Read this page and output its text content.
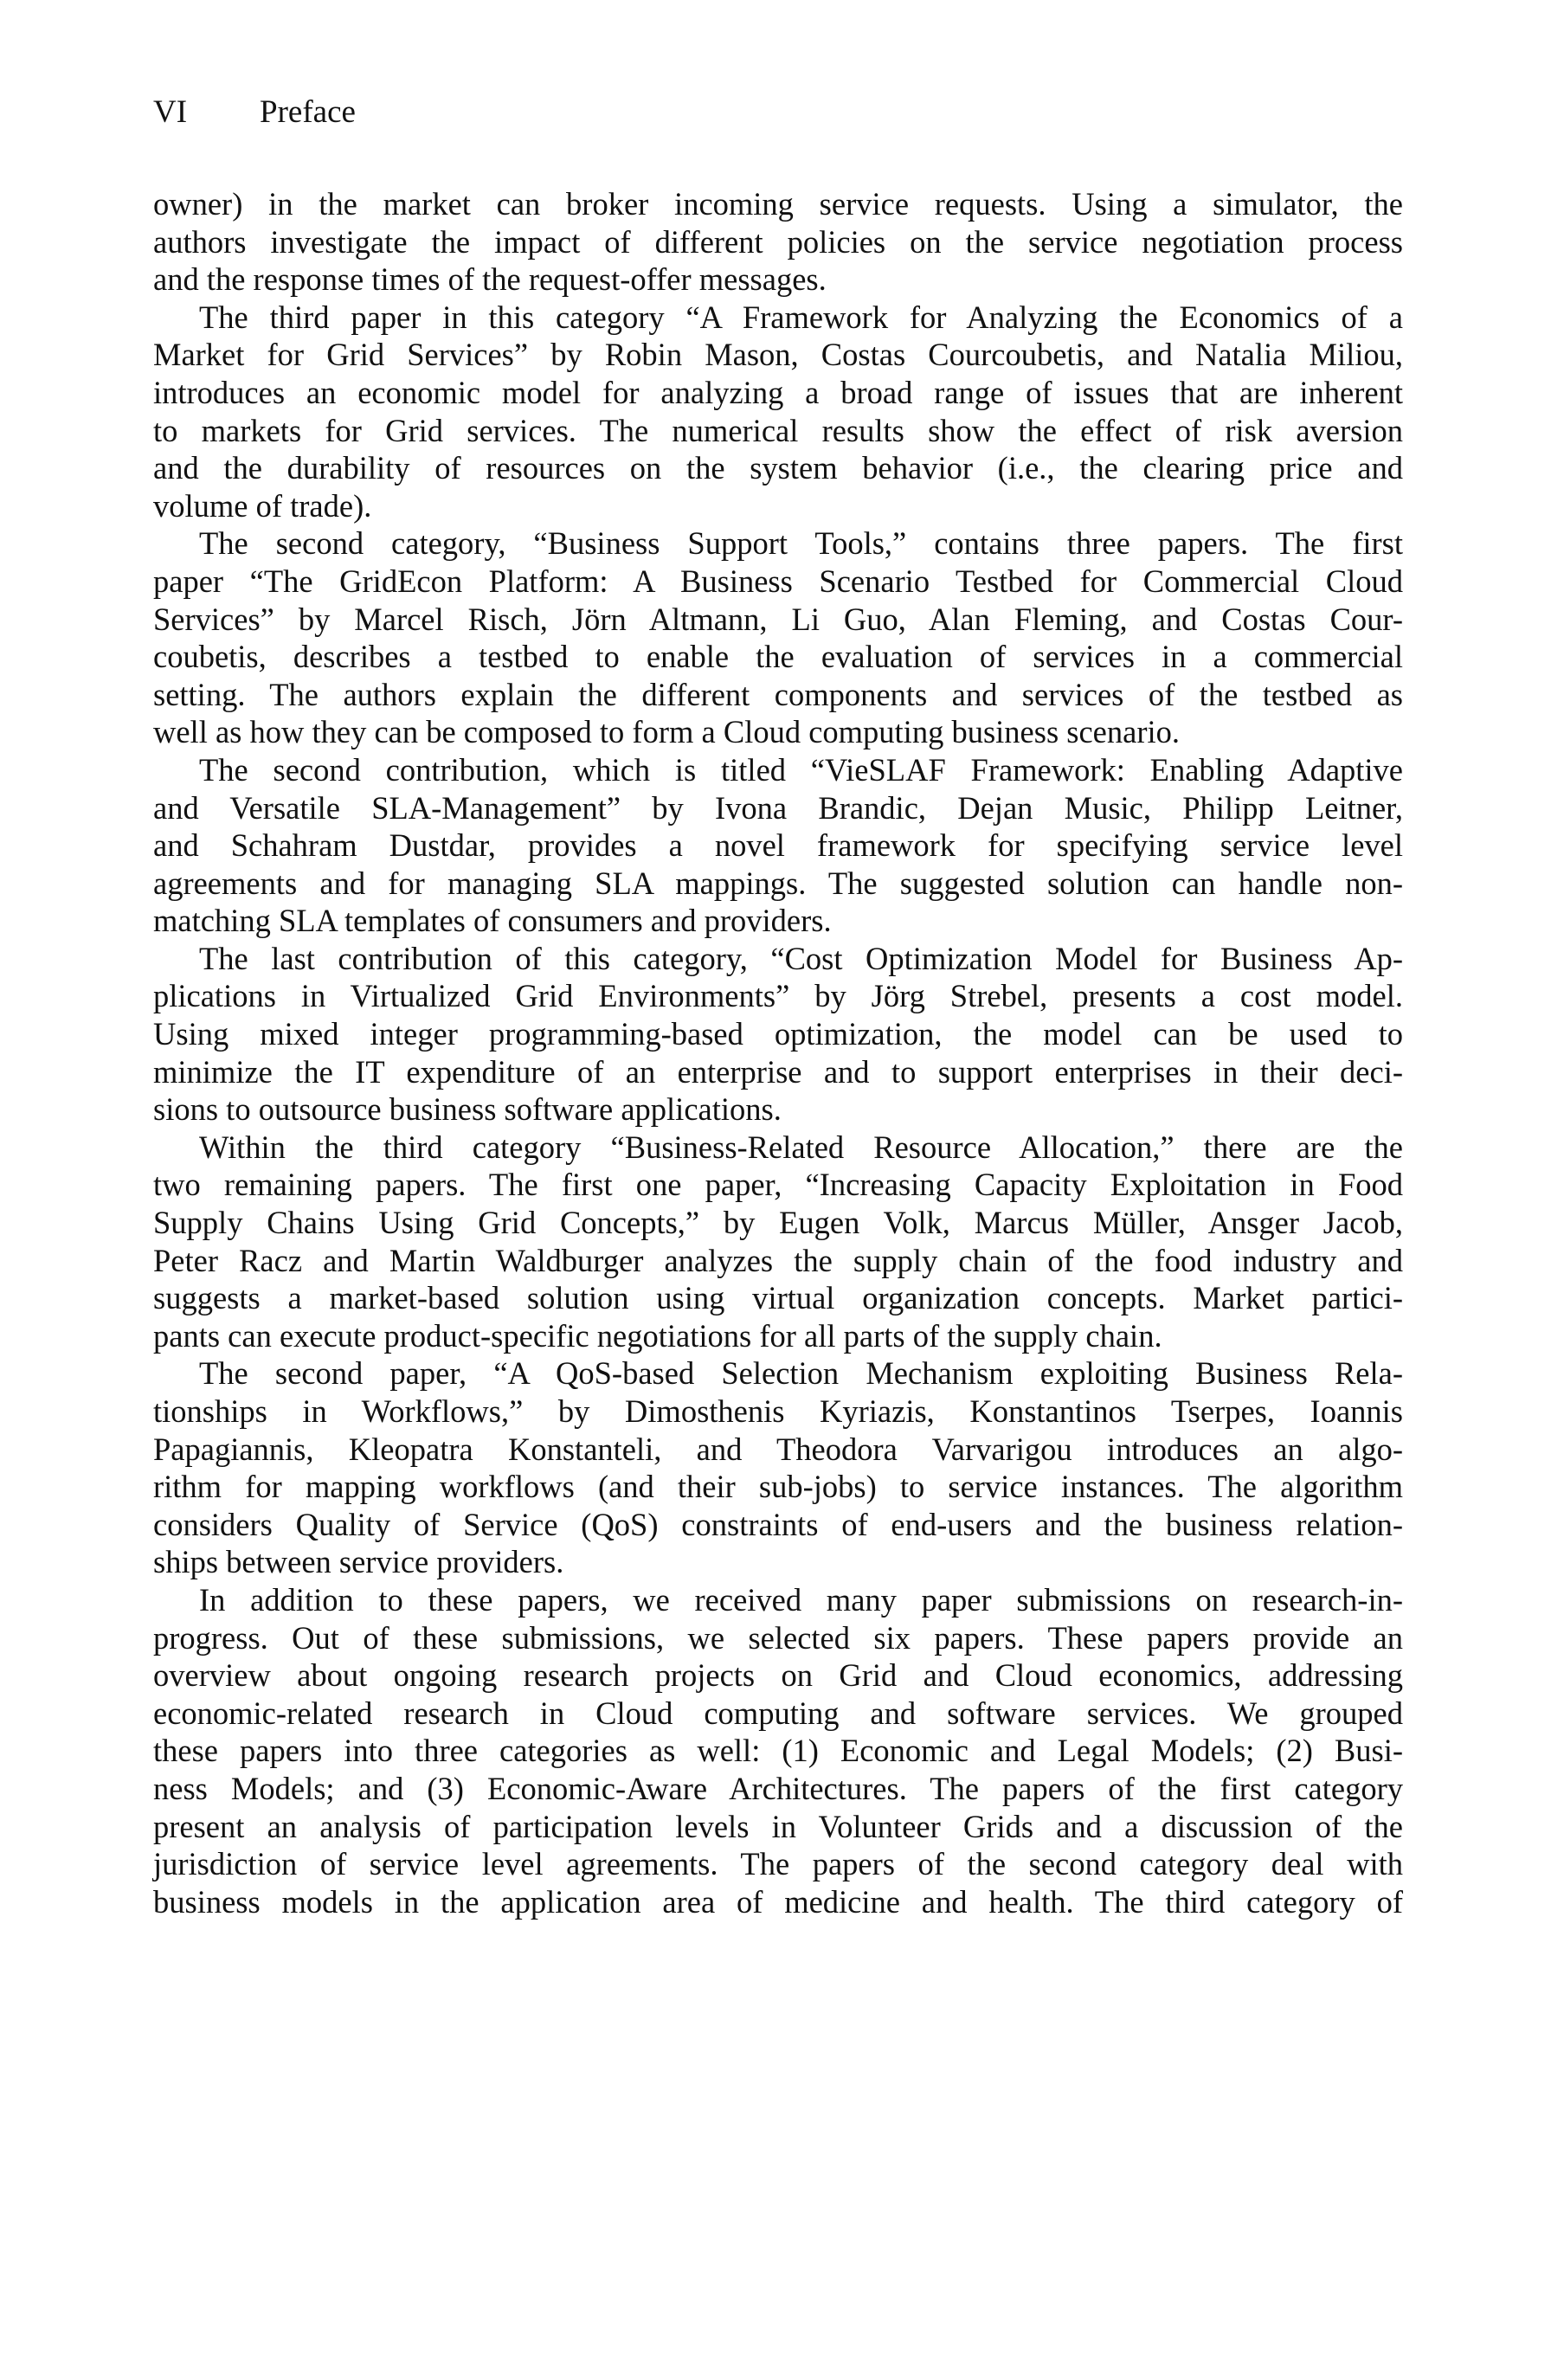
VI Preface
owner) in the market can broker incoming service requests. Using a simulator, the
authors investigate the impact of different policies on the service negotiation process
and the response times of the request-offer messages.
The third paper in this category “A Framework for Analyzing the Economics of a
Market for Grid Services” by Robin Mason, Costas Courcoubetis, and Natalia Miliou,
introduces an economic model for analyzing a broad range of issues that are inherent
to markets for Grid services. The numerical results show the effect of risk aversion
and the durability of resources on the system behavior (i.e., the clearing price and
volume of trade).
The second category, “Business Support Tools,” contains three papers. The first
paper “The GridEcon Platform: A Business Scenario Testbed for Commercial Cloud
Services” by Marcel Risch, Jörn Altmann, Li Guo, Alan Fleming, and Costas Cour-
coubetis, describes a testbed to enable the evaluation of services in a commercial
setting. The authors explain the different components and services of the testbed as
well as how they can be composed to form a Cloud computing business scenario.
The second contribution, which is titled “VieSLAF Framework: Enabling Adaptive
and Versatile SLA-Management” by Ivona Brandic, Dejan Music, Philipp Leitner,
and Schahram Dustdar, provides a novel framework for specifying service level
agreements and for managing SLA mappings. The suggested solution can handle non-
matching SLA templates of consumers and providers.
The last contribution of this category, “Cost Optimization Model for Business Ap-
plications in Virtualized Grid Environments” by Jörg Strebel, presents a cost model.
Using mixed integer programming-based optimization, the model can be used to
minimize the IT expenditure of an enterprise and to support enterprises in their deci-
sions to outsource business software applications.
Within the third category “Business-Related Resource Allocation,” there are the
two remaining papers. The first one paper, “Increasing Capacity Exploitation in Food
Supply Chains Using Grid Concepts,” by Eugen Volk, Marcus Müller, Ansger Jacob,
Peter Racz and Martin Waldburger analyzes the supply chain of the food industry and
suggests a market-based solution using virtual organization concepts. Market partici-
pants can execute product-specific negotiations for all parts of the supply chain.
The second paper, “A QoS-based Selection Mechanism exploiting Business Rela-
tionships in Workflows,” by Dimosthenis Kyriazis, Konstantinos Tserpes, Ioannis
Papagiannis, Kleopatra Konstanteli, and Theodora Varvarigou introduces an algo-
rithm for mapping workflows (and their sub-jobs) to service instances. The algorithm
considers Quality of Service (QoS) constraints of end-users and the business relation-
ships between service providers.
In addition to these papers, we received many paper submissions on research-in-
progress. Out of these submissions, we selected six papers. These papers provide an
overview about ongoing research projects on Grid and Cloud economics, addressing
economic-related research in Cloud computing and software services. We grouped
these papers into three categories as well: (1) Economic and Legal Models; (2) Busi-
ness Models; and (3) Economic-Aware Architectures. The papers of the first category
present an analysis of participation levels in Volunteer Grids and a discussion of the
jurisdiction of service level agreements. The papers of the second category deal with
business models in the application area of medicine and health. The third category of
